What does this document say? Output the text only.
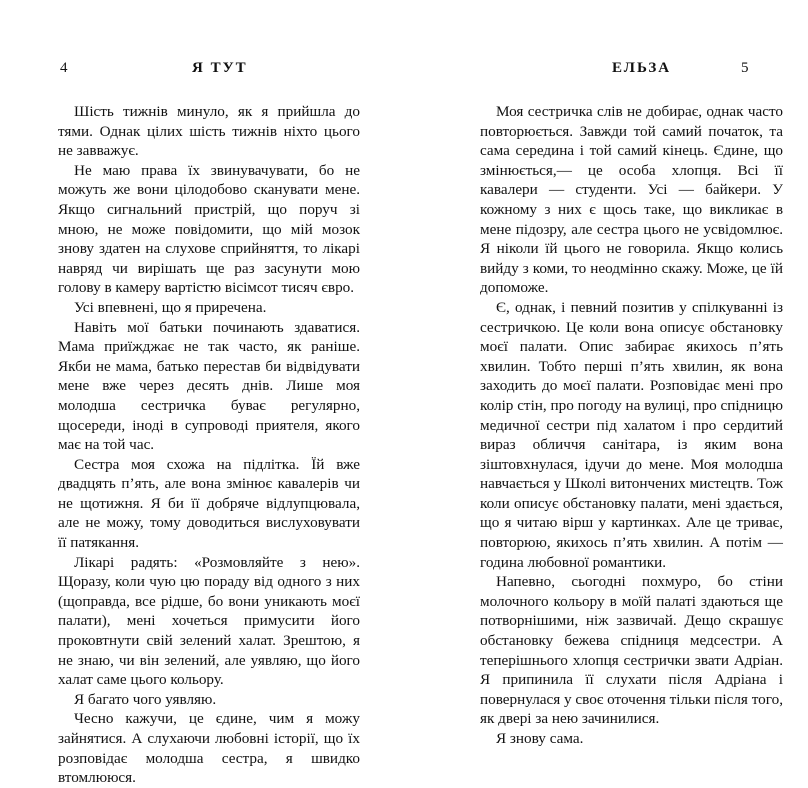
4	Я ТУТ

Шість тижнів минуло, як я прийшла до тями. Однак цілих шість тижнів ніхто цього не завважує.

Не маю права їх звинувачувати, бо не можуть же вони цілодобово сканувати мене. Якщо сигнальний пристрій, що поруч зі мною, не може повідомити, що мій мозок знову здатен на слухове сприйняття, то лікарі навряд чи вирішать ще раз засунути мою голову в камеру вартістю вісімсот тисяч євро.

Усі впевнені, що я приречена.

Навіть мої батьки починають здаватися. Мама приїжджає не так часто, як раніше. Якби не мама, батько перестав би відвідувати мене вже через десять днів. Лише моя молодша сестричка буває регулярно, щосереди, іноді в супроводі приятеля, якого має на той час.

Сестра моя схожа на підлітка. Їй вже двадцять п’ять, але вона змінює кавалерів чи не щотижня. Я би її добряче відлупцювала, але не можу, тому доводиться вислуховувати її патякання.

Лікарі радять: «Розмовляйте з нею». Щоразу, коли чую цю пораду від одного з них (щоправда, все рідше, бо вони уникають моєї палати), мені хочеться примусити його проковтнути свій зелений халат. Зрештою, я не знаю, чи він зелений, але уявляю, що його халат саме цього кольору.

Я багато чого уявляю.

Чесно кажучи, це єдине, чим я можу зайнятися. А слухаючи любовні історії, що їх розповідає молодша сестра, я швидко втомлююся.

ЕЛЬЗА	5

Моя сестричка слів не добирає, однак часто повторюється. Завжди той самий початок, та сама середина і той самий кінець. Єдине, що змінюється,— це особа хлопця. Всі її кавалери — студенти. Усі — байкери. У кожному з них є щось таке, що викликає в мене підозру, але сестра цього не усвідомлює. Я ніколи їй цього не говорила. Якщо колись вийду з коми, то неодмінно скажу. Може, це їй допоможе.

Є, однак, і певний позитив у спілкуванні із сестричкою. Це коли вона описує обстановку моєї палати. Опис забирає якихось п’ять хвилин. Тобто перші п’ять хвилин, як вона заходить до моєї палати. Розповідає мені про колір стін, про погоду на вулиці, про спідницю медичної сестри під халатом і про сердитий вираз обличчя санітара, із яким вона зіштовхнулася, ідучи до мене. Моя молодша навчається у Школі витончених мистецтв. Тож коли описує обстановку палати, мені здається, що я читаю вірш у картинках. Але це триває, повторюю, якихось п’ять хвилин. А потім — година любовної романтики.

Напевно, сьогодні похмуро, бо стіни молочного кольору в моїй палаті здаються ще потворнішими, ніж зазвичай. Дещо скрашує обстановку бежева спідниця медсестри. А теперішнього хлопця сестрички звати Адріан. Я припинила її слухати після Адріана і повернулася у своє оточення тільки після того, як двері за нею зачинилися.

Я знову сама.
